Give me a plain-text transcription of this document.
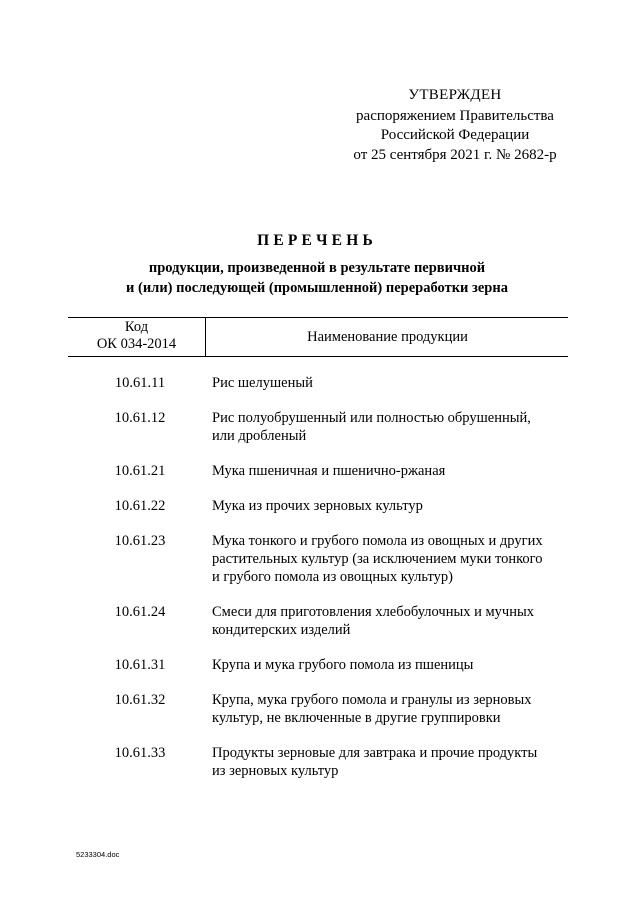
УТВЕРЖДЕН
распоряжением Правительства
Российской Федерации
от 25 сентября 2021 г. № 2682-р
ПЕРЕЧЕНЬ
продукции, произведенной в результате первичной
и (или) последующей (промышленной) переработки зерна
Код
ОК 034-2014	Наименование продукции
10.61.11	Рис шелушеный
10.61.12	Рис полуобрушенный или полностью обрушенный,
или дробленый
10.61.21	Мука пшеничная и пшенично-ржаная
10.61.22	Мука из прочих зерновых культур
10.61.23	Мука тонкого и грубого помола из овощных и других
растительных культур (за исключением муки тонкого
и грубого помола из овощных культур)
10.61.24	Смеси для приготовления хлебобулочных и мучных
кондитерских изделий
10.61.31	Крупа и мука грубого помола из пшеницы
10.61.32	Крупа, мука грубого помола и гранулы из зерновых
культур, не включенные в другие группировки
10.61.33	Продукты зерновые для завтрака и прочие продукты
из зерновых культур
5233304.doc
